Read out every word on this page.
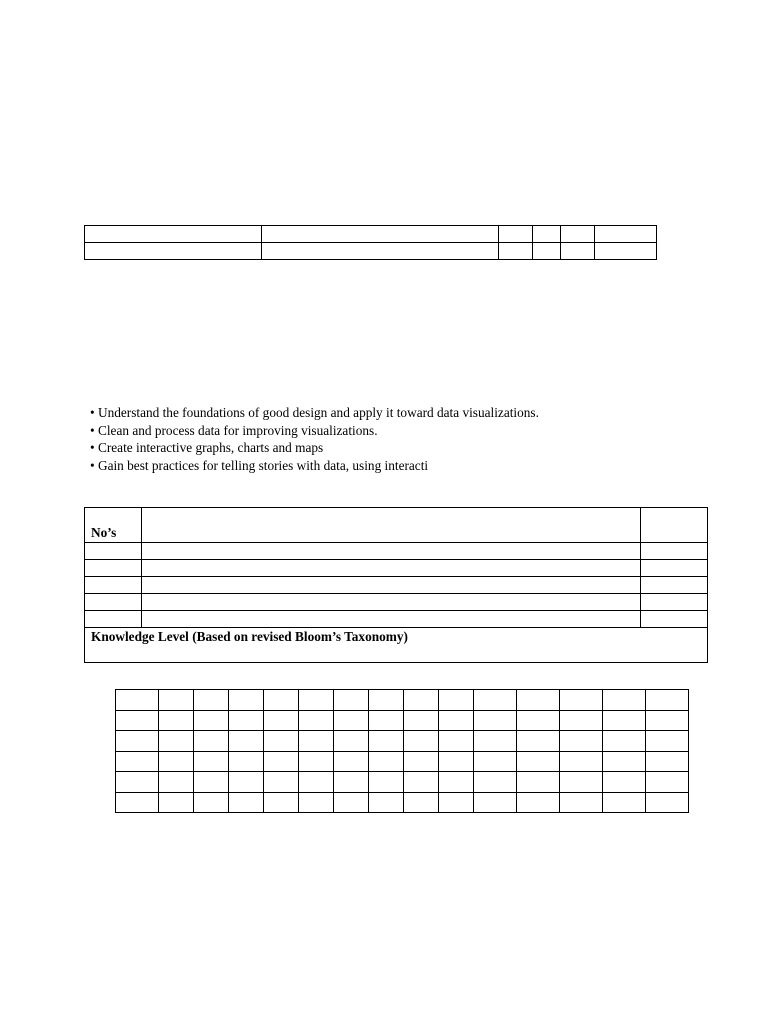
• Understand the foundations of good design and apply it toward data visualizations.
• Clean and process data for improving visualizations.
• Create interactive graphs, charts and maps
• Gain best practices for telling stories with data, using interacti
No’s		

Knowledge Level (Based on revised Bloom’s Taxonomy)		
